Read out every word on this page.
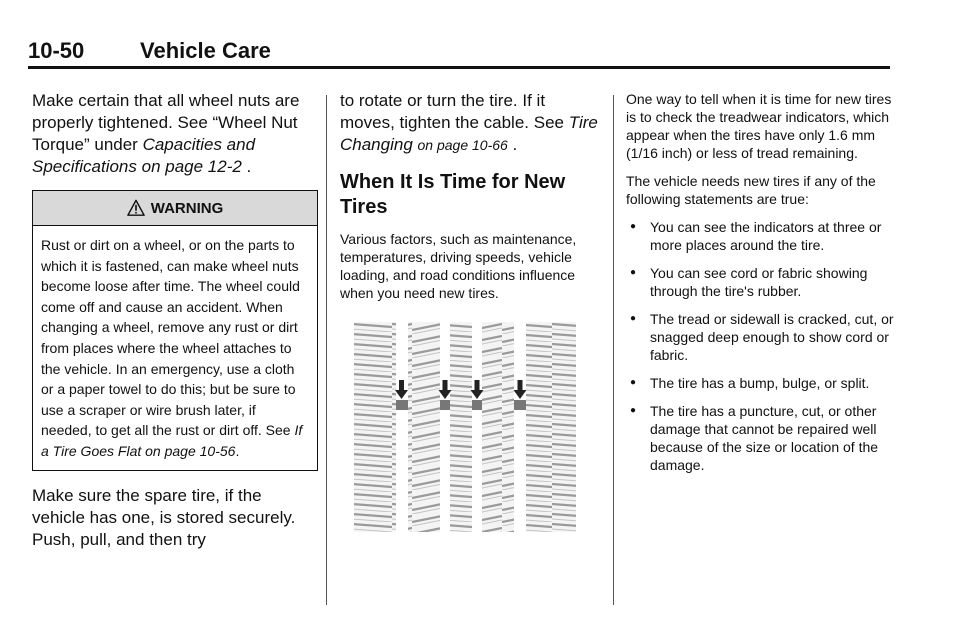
10-50	Vehicle Care

Make certain that all wheel nuts are properly tightened. See “Wheel Nut Torque” under Capacities and Specifications on page 12-2 .

WARNING
Rust or dirt on a wheel, or on the parts to which it is fastened, can make wheel nuts become loose after time. The wheel could come off and cause an accident. When changing a wheel, remove any rust or dirt from places where the wheel attaches to the vehicle. In an emergency, use a cloth or a paper towel to do this; but be sure to use a scraper or wire brush later, if needed, to get all the rust or dirt off. See If a Tire Goes Flat on page 10-56.

Make sure the spare tire, if the vehicle has one, is stored securely. Push, pull, and then try

to rotate or turn the tire. If it moves, tighten the cable. See Tire Changing on page 10-66 .

When It Is Time for New Tires

Various factors, such as maintenance, temperatures, driving speeds, vehicle loading, and road conditions influence when you need new tires.

One way to tell when it is time for new tires is to check the treadwear indicators, which appear when the tires have only 1.6 mm (1/16 inch) or less of tread remaining.

The vehicle needs new tires if any of the following statements are true:

● You can see the indicators at three or more places around the tire.
● You can see cord or fabric showing through the tire's rubber.
● The tread or sidewall is cracked, cut, or snagged deep enough to show cord or fabric.
● The tire has a bump, bulge, or split.
● The tire has a puncture, cut, or other damage that cannot be repaired well because of the size or location of the damage.
